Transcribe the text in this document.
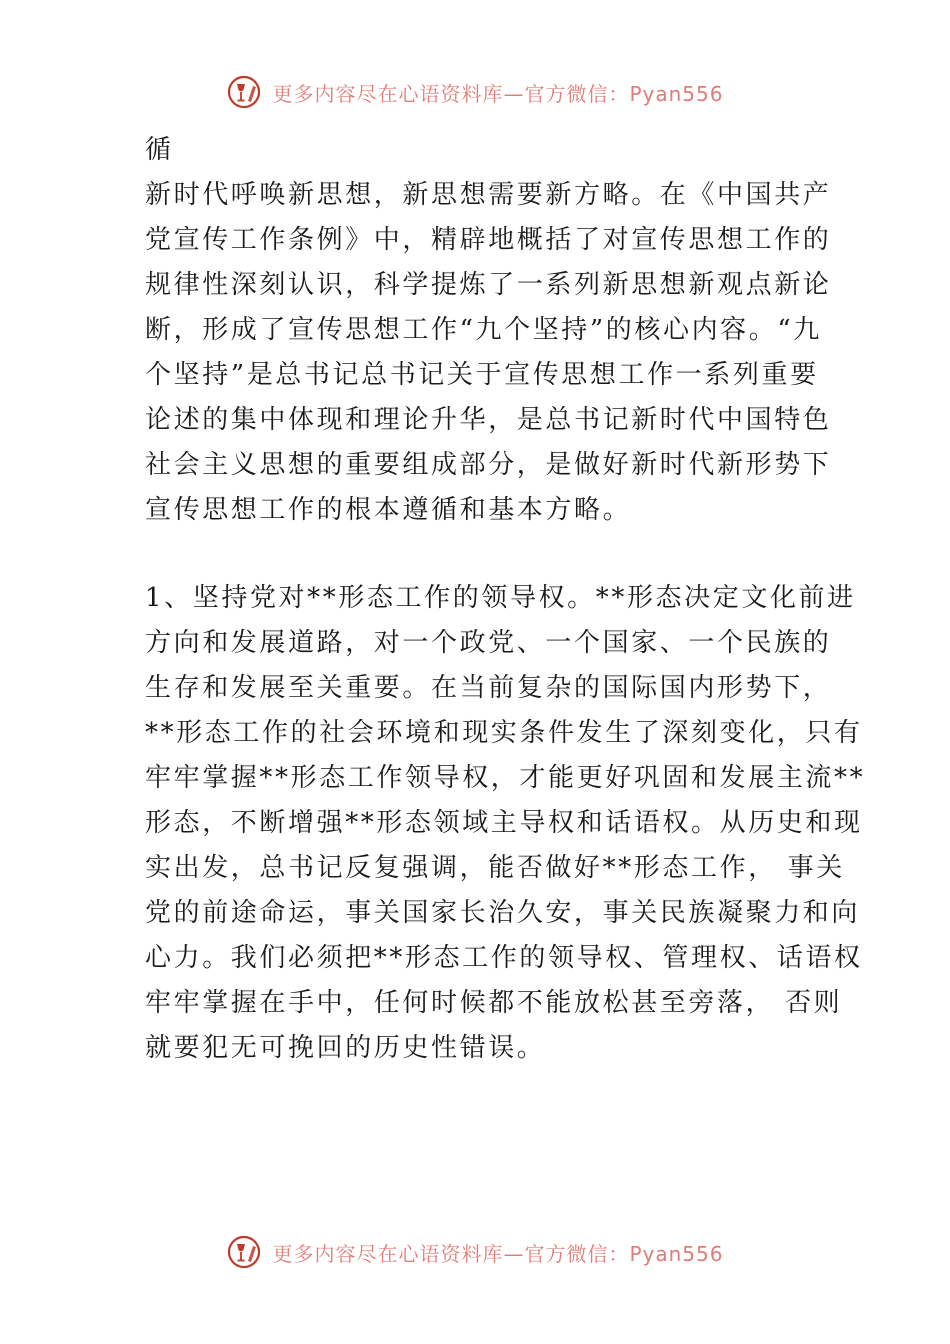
更多内容尽在心语资料库—官方微信：Pyan556
循
新时代呼唤新思想，新思想需要新方略。在《中国共产
党宣传工作条例》中，精辟地概括了对宣传思想工作的
规律性深刻认识，科学提炼了一系列新思想新观点新论
断，形成了宣传思想工作“九个坚持”的核心内容。“九
个坚持”是总书记总书记关于宣传思想工作一系列重要
论述的集中体现和理论升华，是总书记新时代中国特色
社会主义思想的重要组成部分，是做好新时代新形势下
宣传思想工作的根本遵循和基本方略。
1、坚持党对**形态工作的领导权。**形态决定文化前进
方向和发展道路，对一个政党、一个国家、一个民族的
生存和发展至关重要。在当前复杂的国际国内形势下，
**形态工作的社会环境和现实条件发生了深刻变化，只有
牢牢掌握**形态工作领导权，才能更好巩固和发展主流**
形态，不断增强**形态领域主导权和话语权。从历史和现
实出发，总书记反复强调，能否做好**形态工作， 事关
党的前途命运，事关国家长治久安，事关民族凝聚力和向
心力。我们必须把**形态工作的领导权、管理权、话语权
牢牢掌握在手中，任何时候都不能放松甚至旁落， 否则
就要犯无可挽回的历史性错误。
更多内容尽在心语资料库—官方微信：Pyan556
